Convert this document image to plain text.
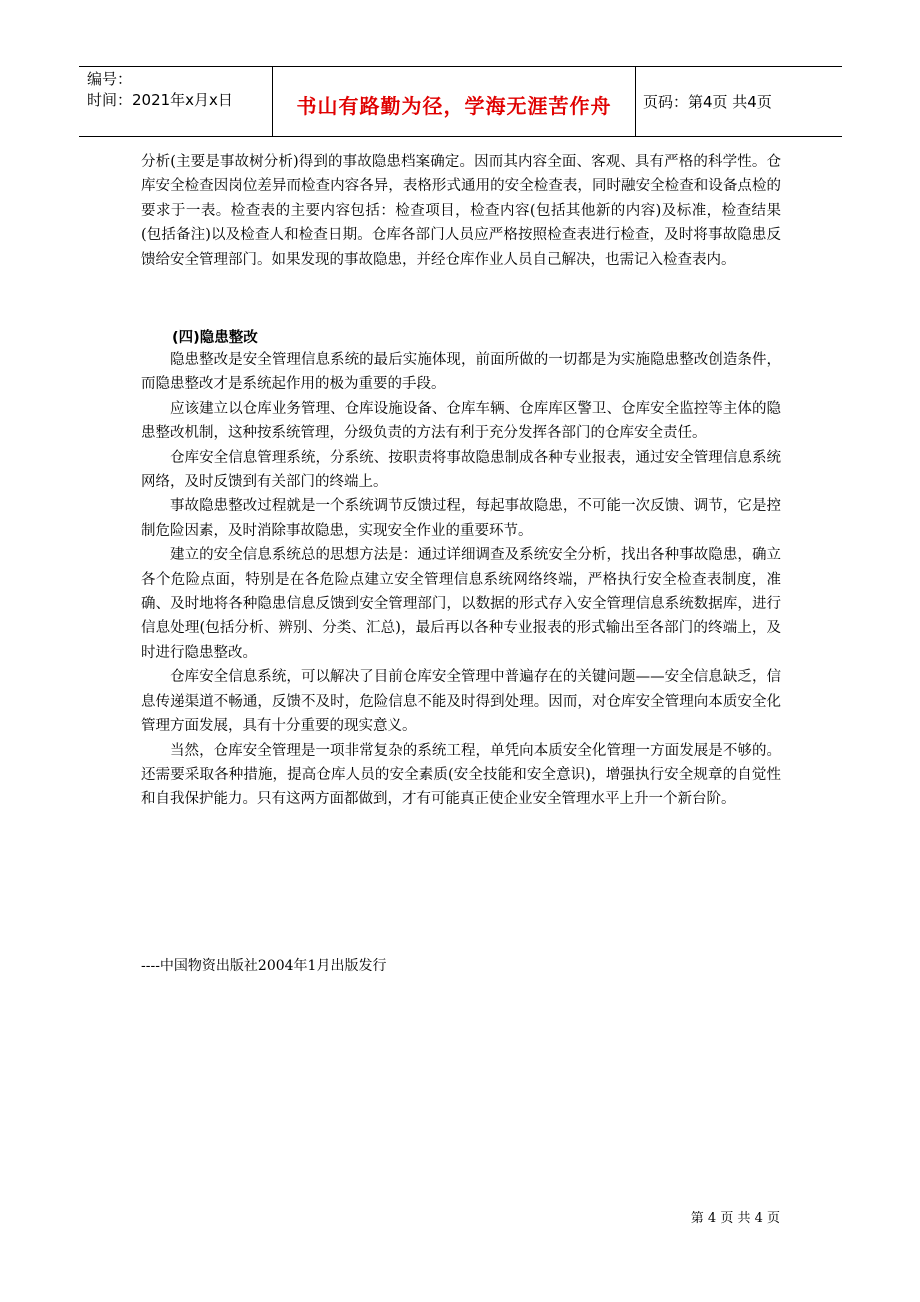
编号：
时间：2021年x月x日	书山有路勤为径，学海无涯苦作舟	页码：第4页 共4页

分析(主要是事故树分析)得到的事故隐患档案确定。因而其内容全面、客观、具有严格的科学性。仓库安全检查因岗位差异而检查内容各异，表格形式通用的安全检查表，同时融安全检查和设备点检的要求于一表。检查表的主要内容包括：检查项目，检查内容(包括其他新的内容)及标准，检查结果(包括备注)以及检查人和检查日期。仓库各部门人员应严格按照检查表进行检查，及时将事故隐患反馈给安全管理部门。如果发现的事故隐患，并经仓库作业人员自己解决，也需记入检查表内。

(四)隐患整改

隐患整改是安全管理信息系统的最后实施体现，前面所做的一切都是为实施隐患整改创造条件，而隐患整改才是系统起作用的极为重要的手段。

应该建立以仓库业务管理、仓库设施设备、仓库车辆、仓库库区警卫、仓库安全监控等主体的隐患整改机制，这种按系统管理，分级负责的方法有利于充分发挥各部门的仓库安全责任。

仓库安全信息管理系统，分系统、按职责将事故隐患制成各种专业报表，通过安全管理信息系统网络，及时反馈到有关部门的终端上。

事故隐患整改过程就是一个系统调节反馈过程，每起事故隐患，不可能一次反馈、调节，它是控制危险因素，及时消除事故隐患，实现安全作业的重要环节。

建立的安全信息系统总的思想方法是：通过详细调查及系统安全分析，找出各种事故隐患，确立各个危险点面，特别是在各危险点建立安全管理信息系统网络终端，严格执行安全检查表制度，准确、及时地将各种隐患信息反馈到安全管理部门，以数据的形式存入安全管理信息系统数据库，进行信息处理(包括分析、辨别、分类、汇总)，最后再以各种专业报表的形式输出至各部门的终端上，及时进行隐患整改。

仓库安全信息系统，可以解决了目前仓库安全管理中普遍存在的关键问题——安全信息缺乏，信息传递渠道不畅通，反馈不及时，危险信息不能及时得到处理。因而，对仓库安全管理向本质安全化管理方面发展，具有十分重要的现实意义。

当然，仓库安全管理是一项非常复杂的系统工程，单凭向本质安全化管理一方面发展是不够的。还需要采取各种措施，提高仓库人员的安全素质(安全技能和安全意识)，增强执行安全规章的自觉性和自我保护能力。只有这两方面都做到，才有可能真正使企业安全管理水平上升一个新台阶。

----中国物资出版社2004年1月出版发行
第 4 页 共 4 页
